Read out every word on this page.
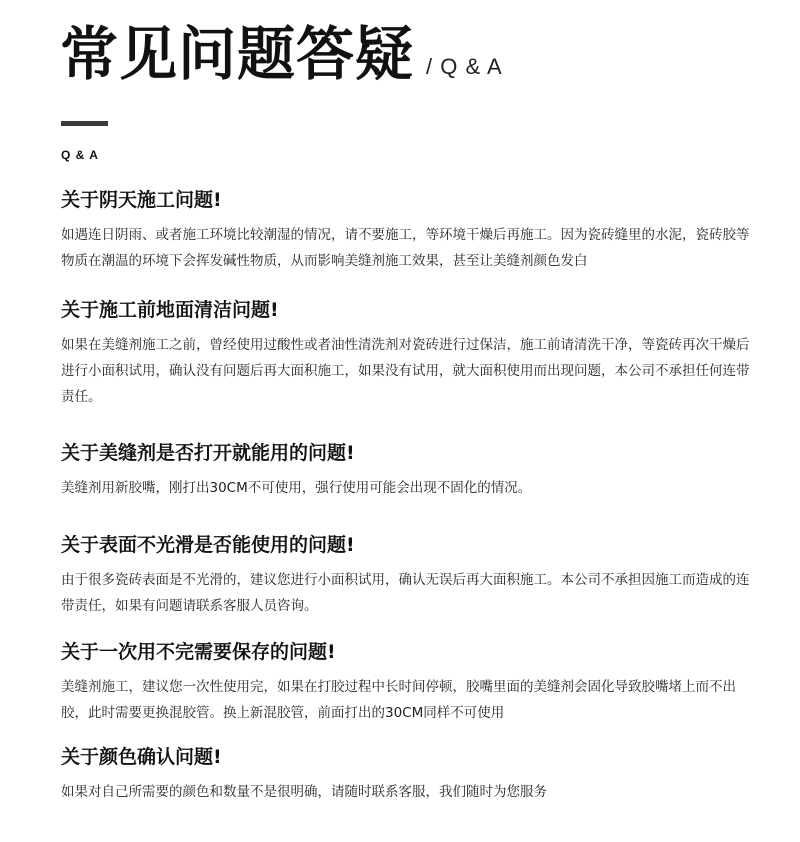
常见问题答疑 / Q & A
Q & A
关于阴天施工问题!

如遇连日阴雨、或者施工环境比较潮湿的情况，请不要施工，等环境干燥后再施工。因为瓷砖缝里的水泥，瓷砖胶等物质在潮温的环境下会挥发碱性物质，从而影响美缝剂施工效果，甚至让美缝剂颜色发白

关于施工前地面清洁问题!

如果在美缝剂施工之前，曾经使用过酸性或者油性清洗剂对瓷砖进行过保洁，施工前请清洗干净，等瓷砖再次干燥后进行小面积试用，确认没有问题后再大面积施工，如果没有试用，就大面积使用而出现问题，本公司不承担任何连带责任。

关于美缝剂是否打开就能用的问题!

美缝剂用新胶嘴，刚打出30CM不可使用，强行使用可能会出现不固化的情况。

关于表面不光滑是否能使用的问题!

由于很多瓷砖表面是不光滑的，建议您进行小面积试用，确认无误后再大面积施工。本公司不承担因施工而造成的连带责任，如果有问题请联系客服人员咨询。

关于一次用不完需要保存的问题!

美缝剂施工，建议您一次性使用完，如果在打胶过程中长时间停顿，胶嘴里面的美缝剂会固化导致胶嘴堵上而不出胶，此时需要更换混胶管。换上新混胶管，前面打出的30CM同样不可使用

关于颜色确认问题!

如果对自己所需要的颜色和数量不是很明确，请随时联系客服，我们随时为您服务
